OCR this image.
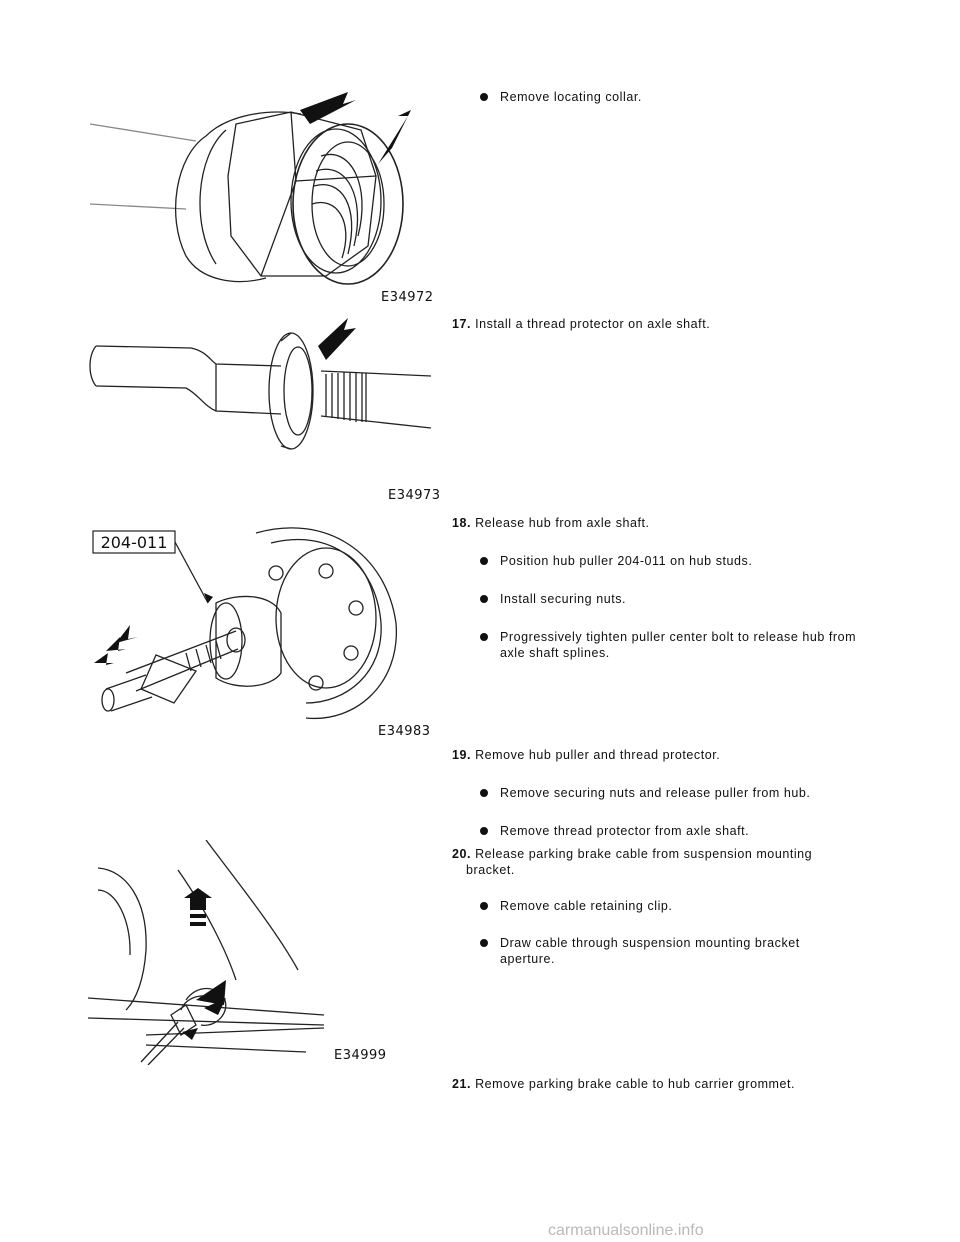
E34972
E34973
204-011
E34983
E34999
Remove locating collar.
17. Install a thread protector on axle shaft.
18. Release hub from axle shaft.
Position hub puller 204-011 on hub studs.
Install securing nuts.
Progressively tighten puller center bolt to release hub from
axle shaft splines.
19. Remove hub puller and thread protector.
Remove securing nuts and release puller from hub.
Remove thread protector from axle shaft.
20. Release parking brake cable from suspension mounting
bracket.
Remove cable retaining clip.
Draw cable through suspension mounting bracket
aperture.
21. Remove parking brake cable to hub carrier grommet.
carmanualsonline.info
